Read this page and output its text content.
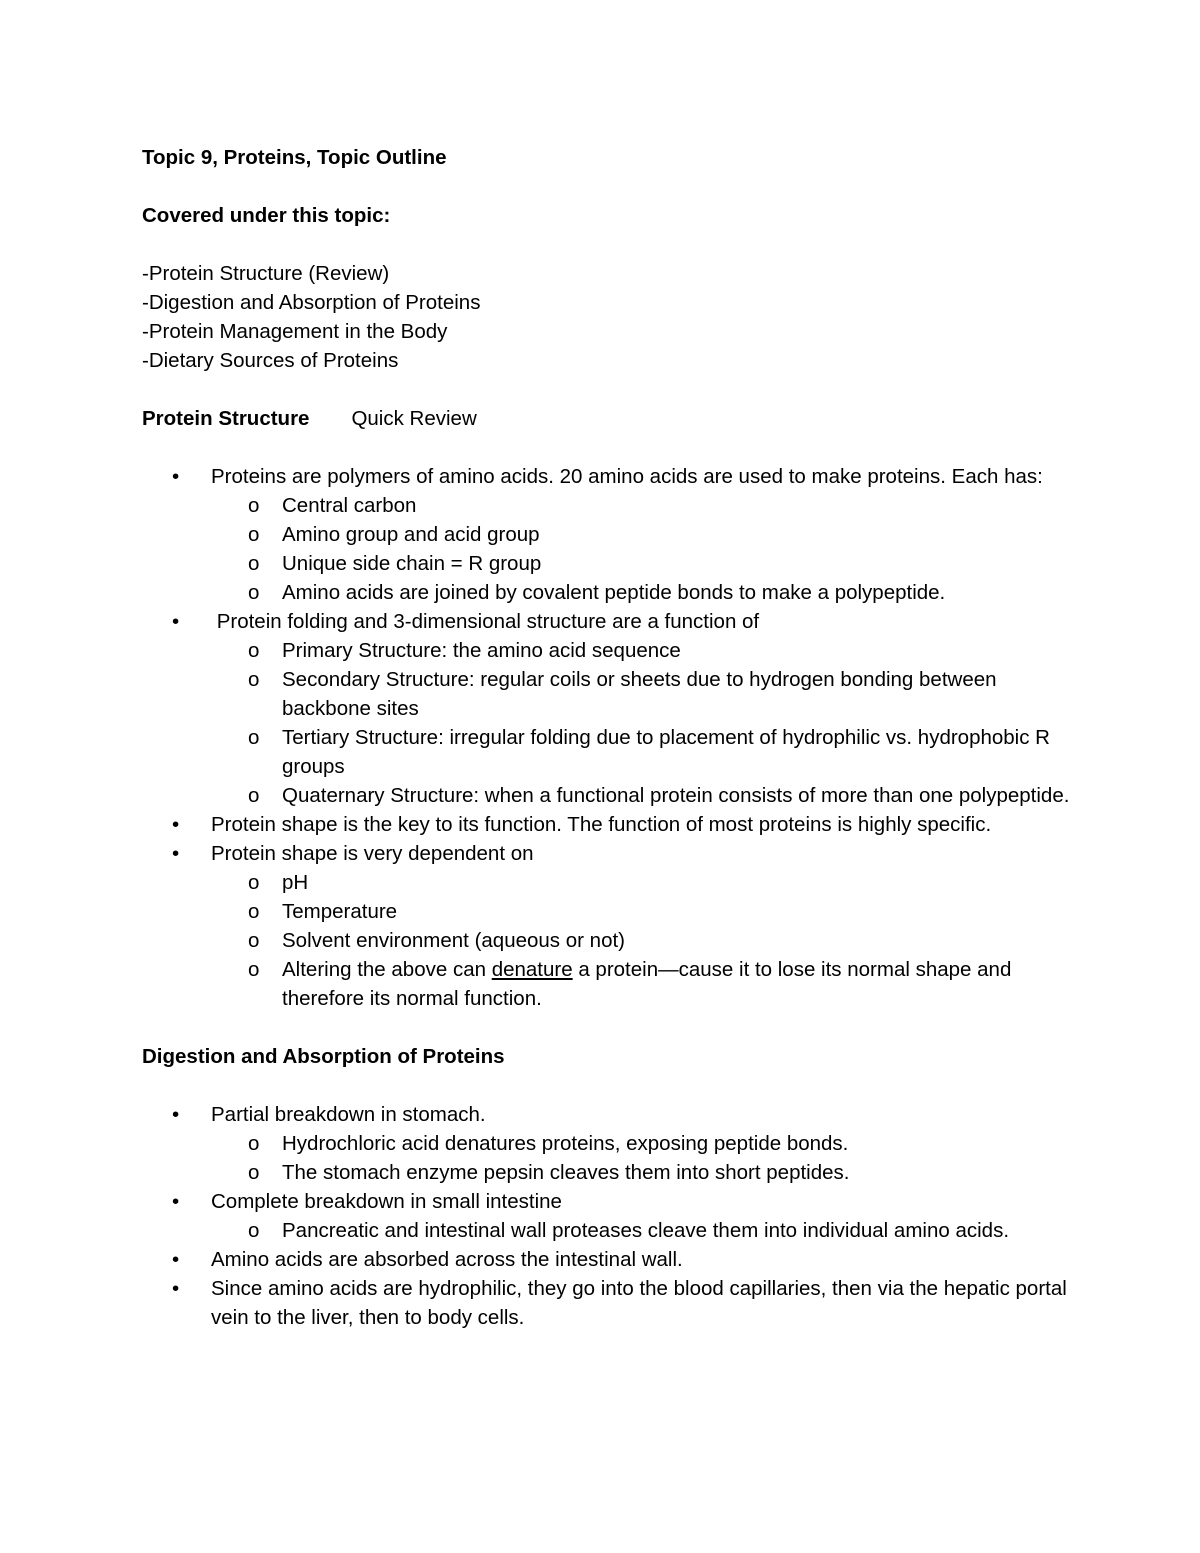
Topic 9, Proteins, Topic Outline
Covered under this topic:
-Protein Structure (Review)
-Digestion and Absorption of Proteins
-Protein Management in the Body
-Dietary Sources of Proteins
Protein Structure Quick Review
•	Proteins are polymers of amino acids. 20 amino acids are used to make proteins. Each has:
o	Central carbon
o	Amino group and acid group
o	Unique side chain = R group
o	Amino acids are joined by covalent peptide bonds to make a polypeptide.
•	Protein folding and 3-dimensional structure are a function of
o	Primary Structure: the amino acid sequence
o	Secondary Structure: regular coils or sheets due to hydrogen bonding between backbone sites
o	Tertiary Structure: irregular folding due to placement of hydrophilic vs. hydrophobic R groups
o	Quaternary Structure: when a functional protein consists of more than one polypeptide.
•	Protein shape is the key to its function. The function of most proteins is highly specific.
•	Protein shape is very dependent on
o	pH
o	Temperature
o	Solvent environment (aqueous or not)
o	Altering the above can denature a protein—cause it to lose its normal shape and therefore its normal function.
Digestion and Absorption of Proteins
•	Partial breakdown in stomach.
o	Hydrochloric acid denatures proteins, exposing peptide bonds.
o	The stomach enzyme pepsin cleaves them into short peptides.
•	Complete breakdown in small intestine
o	Pancreatic and intestinal wall proteases cleave them into individual amino acids.
•	Amino acids are absorbed across the intestinal wall.
•	Since amino acids are hydrophilic, they go into the blood capillaries, then via the hepatic portal vein to the liver, then to body cells.
